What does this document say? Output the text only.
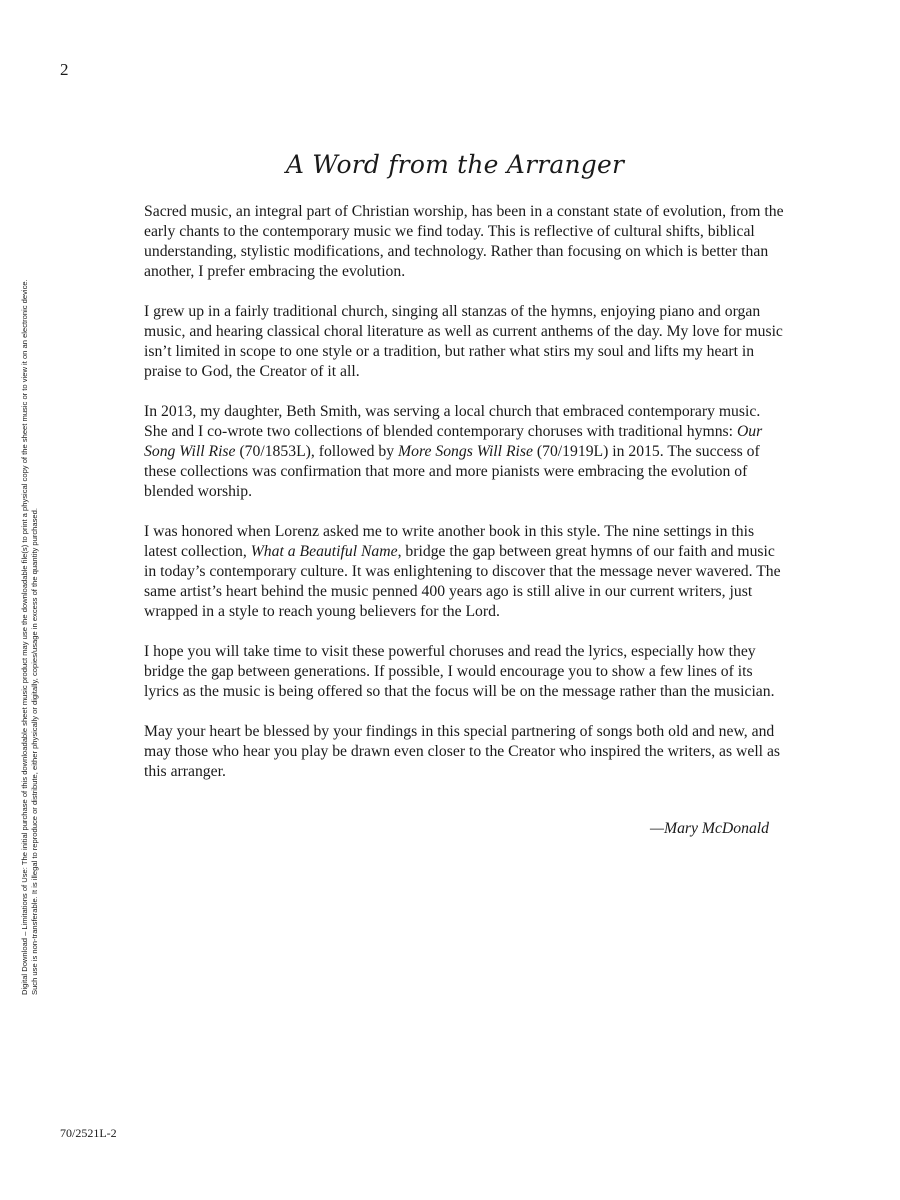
2
Digital Download – Limitations of Use: The initial purchase of this downloadable sheet music product may use the downloadable file(s) to print a physical copy of the sheet music or to view it on an electronic device. Such use is non-transferable. It is illegal to reproduce or distribute, either physically or digitally, copies/usage in excess of the quantity purchased.
A Word from the Arranger

Sacred music, an integral part of Christian worship, has been in a constant state of evolution, from the early chants to the contemporary music we find today. This is reflective of cultural shifts, biblical understanding, stylistic modifications, and technology. Rather than focusing on which is better than another, I prefer embracing the evolution.

I grew up in a fairly traditional church, singing all stanzas of the hymns, enjoying piano and organ music, and hearing classical choral literature as well as current anthems of the day. My love for music isn’t limited in scope to one style or a tradition, but rather what stirs my soul and lifts my heart in praise to God, the Creator of it all.

In 2013, my daughter, Beth Smith, was serving a local church that embraced contemporary music. She and I co-wrote two collections of blended contemporary choruses with traditional hymns: Our Song Will Rise (70/1853L), followed by More Songs Will Rise (70/1919L) in 2015. The success of these collections was confirmation that more and more pianists were embracing the evolution of blended worship.

I was honored when Lorenz asked me to write another book in this style. The nine settings in this latest collection, What a Beautiful Name, bridge the gap between great hymns of our faith and music in today’s contemporary culture. It was enlightening to discover that the message never wavered. The same artist’s heart behind the music penned 400 years ago is still alive in our current writers, just wrapped in a style to reach young believers for the Lord.

I hope you will take time to visit these powerful choruses and read the lyrics, especially how they bridge the gap between generations. If possible, I would encourage you to show a few lines of its lyrics as the music is being offered so that the focus will be on the message rather than the musician.

May your heart be blessed by your findings in this special partnering of songs both old and new, and may those who hear you play be drawn even closer to the Creator who inspired the writers, as well as this arranger.

—Mary McDonald
70/2521L-2
